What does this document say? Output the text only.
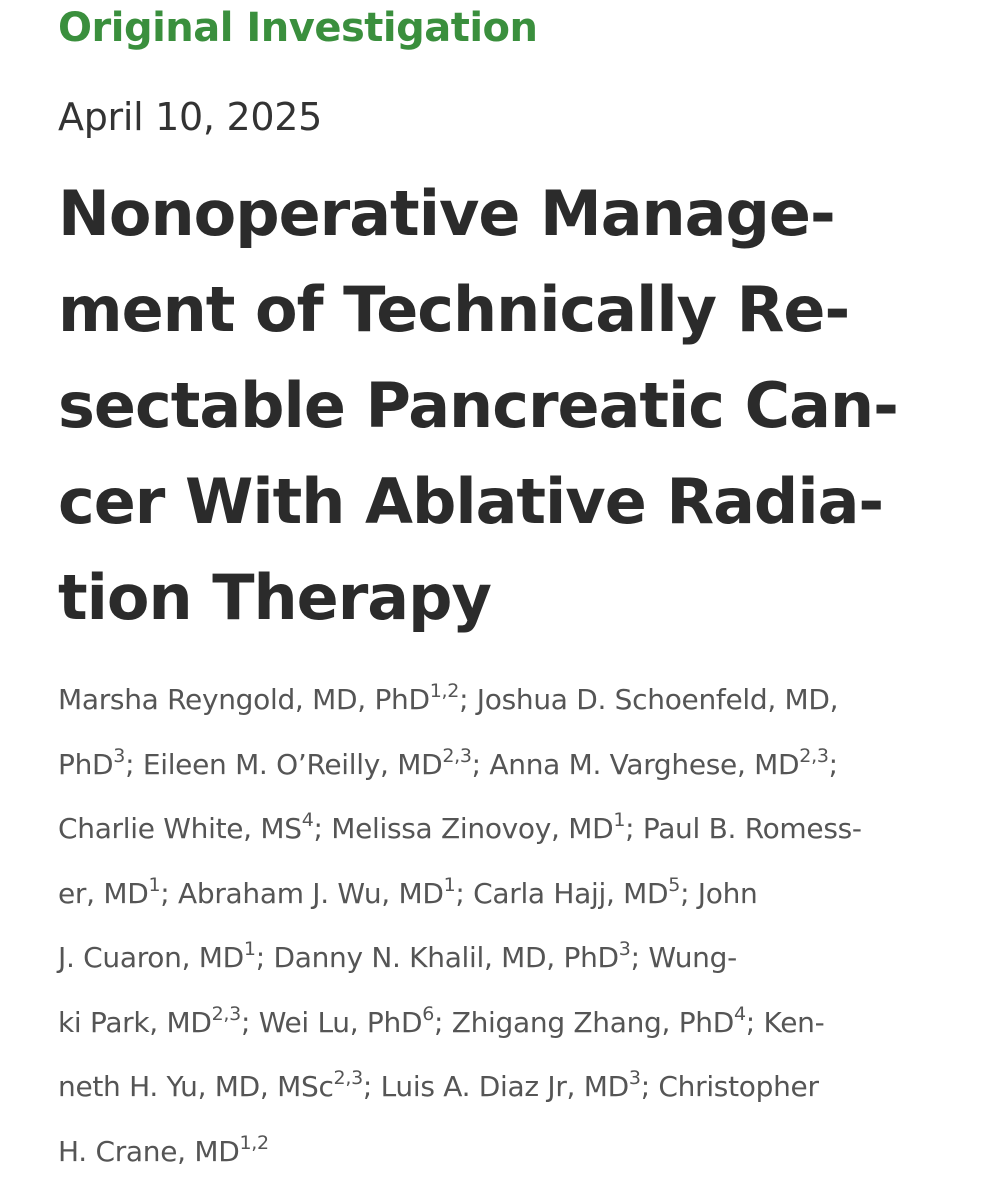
Original Investigation
April 10, 2025
Nonoperative Manage-
ment of Technically Re-
sectable Pancreatic Can-
cer With Ablative Radia-
tion Therapy
Marsha Reyngold, MD, PhD$^{1,2}$; Joshua D. Schoenfeld, MD,
PhD$^3$; Eileen M. O’Reilly, MD$^{2,3}$; Anna M. Varghese, MD$^{2,3}$;
Charlie White, $MS^4$; Melissa Zinovoy, $MD^1$; Paul B. Romess-
er, $MD^1$; Abraham J. Wu, $MD^1$; Carla Hajj, $MD^5$; John
J. Cuaron, $MD^1$; Danny N. Khalil, MD, PhD$^3$; Wung-
ki Park, MD$^{2,3}$; Wei Lu, PhD$^6$; Zhigang Zhang, PhD$^4$; Ken-
neth H. Yu, MD, MSc$^{2,3}$; Luis A. Diaz Jr, $MD^3$; Christopher
H. Crane, MD$^{1,2}$
